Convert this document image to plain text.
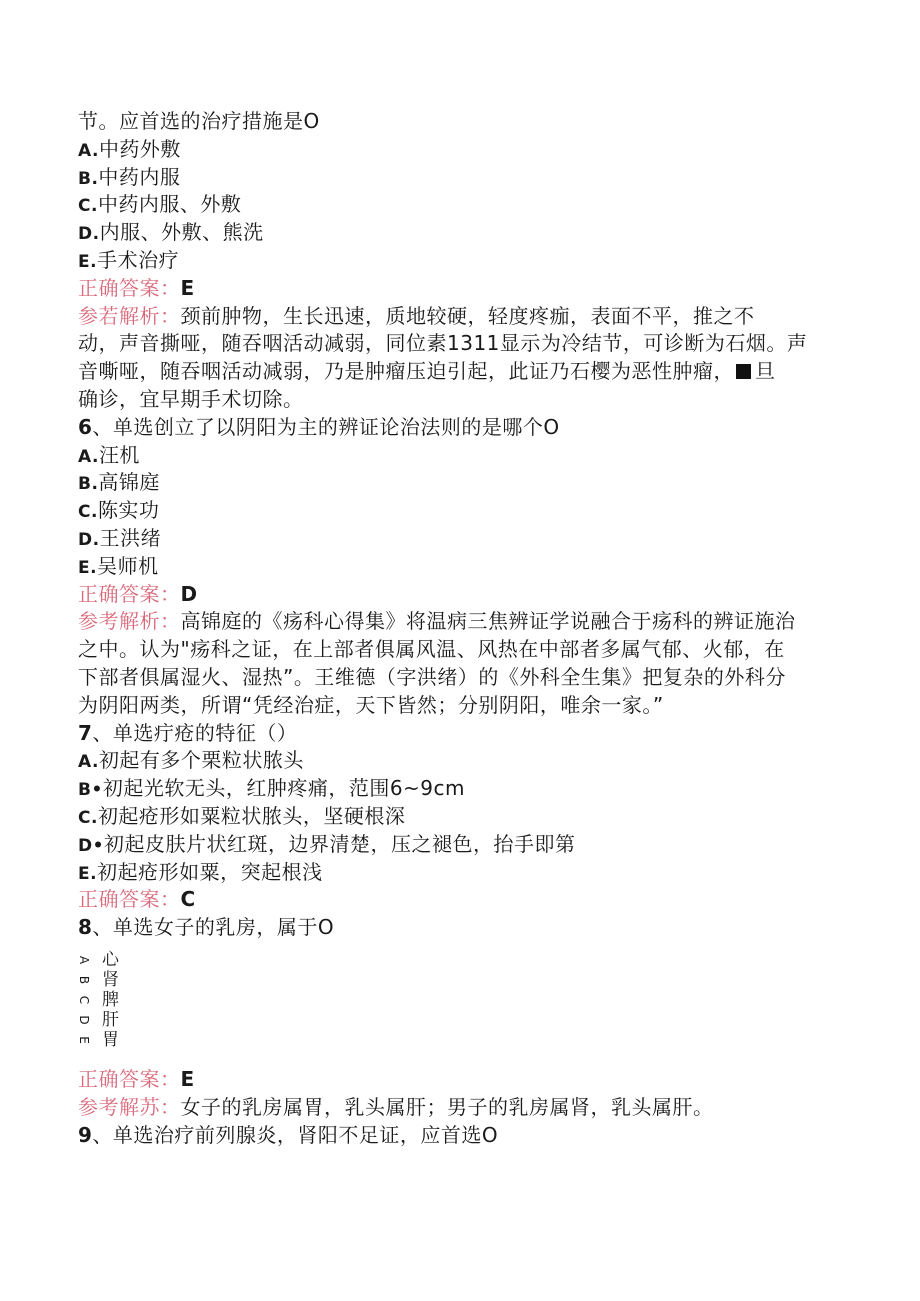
节。应首选的治疗措施是O
A.中药外敷
B.中药内服
C.中药内服、外敷
D.内服、外敷、熊洗
E.手术治疗
正确答案：E
参若解析：颈前肿物，生长迅速，质地较硬，轻度疼痂，表面不平，推之不
动，声音撕哑，随吞咽活动减弱，同位素1311显示为冷结节，可诊断为石烟。声
音嘶哑，随吞咽活动减弱，乃是肿瘤压迫引起，此证乃石樱为恶性肿瘤， 旦
确诊，宜早期手术切除。
6、单选创立了以阴阳为主的辨证论治法则的是哪个O
A.汪机
B.高锦庭
C.陈实功
D.王洪绪
E.吴师机
正确答案：D
参考解析：高锦庭的《疡科心得集》将温病三焦辨证学说融合于疡科的辨证施治
之中。认为"疡科之证，在上部者俱属风温、风热在中部者多属气郁、火郁，在
下部者俱属湿火、湿热”。王维德（字洪绪）的《外科全生集》把复杂的外科分
为阴阳两类，所谓“凭经治症，天下皆然；分别阴阳，唯余一家。”
7、单选疔疮的特征（）
A.初起有多个栗粒状脓头
B•初起光软无头，红肿疼痛，范围6~9cm
C.初起疮形如粟粒状脓头，坚硬根深
D•初起皮肤片状红斑，边界清楚，压之褪色，抬手即第
E.初起疮形如粟，突起根浅
正确答案：C
8、单选女子的乳房，属于O
A
B
C
D
E
心
肾
脾
肝
胃
正确答案：E
参考解苏：女子的乳房属胃，乳头属肝；男子的乳房属肾，乳头属肝。
9、单选治疗前列腺炎，肾阳不足证，应首选O
